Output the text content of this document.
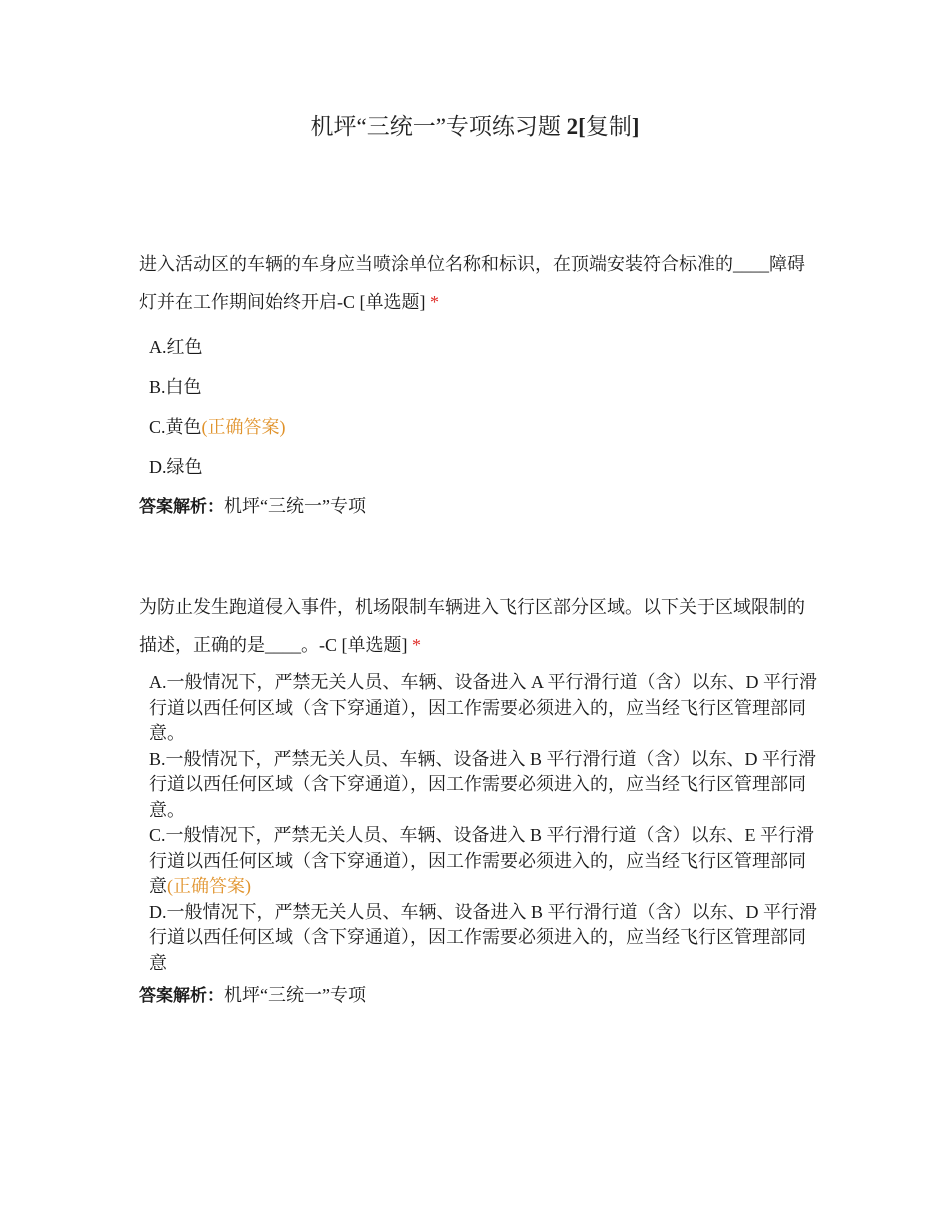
机坪“三统一”专项练习题 2[复制]
进入活动区的车辆的车身应当喷涂单位名称和标识，在顶端安装符合标准的____障碍灯并在工作期间始终开启-C [单选题] *
A.红色
B.白色
C.黄色(正确答案)
D.绿色
答案解析：机坪“三统一”专项
为防止发生跑道侵入事件，机场限制车辆进入飞行区部分区域。以下关于区域限制的描述，正确的是____。-C [单选题] *
A.一般情况下，严禁无关人员、车辆、设备进入 A 平行滑行道（含）以东、D 平行滑行道以西任何区域（含下穿通道），因工作需要必须进入的，应当经飞行区管理部同意。
B.一般情况下，严禁无关人员、车辆、设备进入 B 平行滑行道（含）以东、D 平行滑行道以西任何区域（含下穿通道），因工作需要必须进入的，应当经飞行区管理部同意。
C.一般情况下，严禁无关人员、车辆、设备进入 B 平行滑行道（含）以东、E 平行滑行道以西任何区域（含下穿通道），因工作需要必须进入的，应当经飞行区管理部同意(正确答案)
D.一般情况下，严禁无关人员、车辆、设备进入 B 平行滑行道（含）以东、D 平行滑行道以西任何区域（含下穿通道），因工作需要必须进入的，应当经飞行区管理部同意
答案解析：机坪“三统一”专项
